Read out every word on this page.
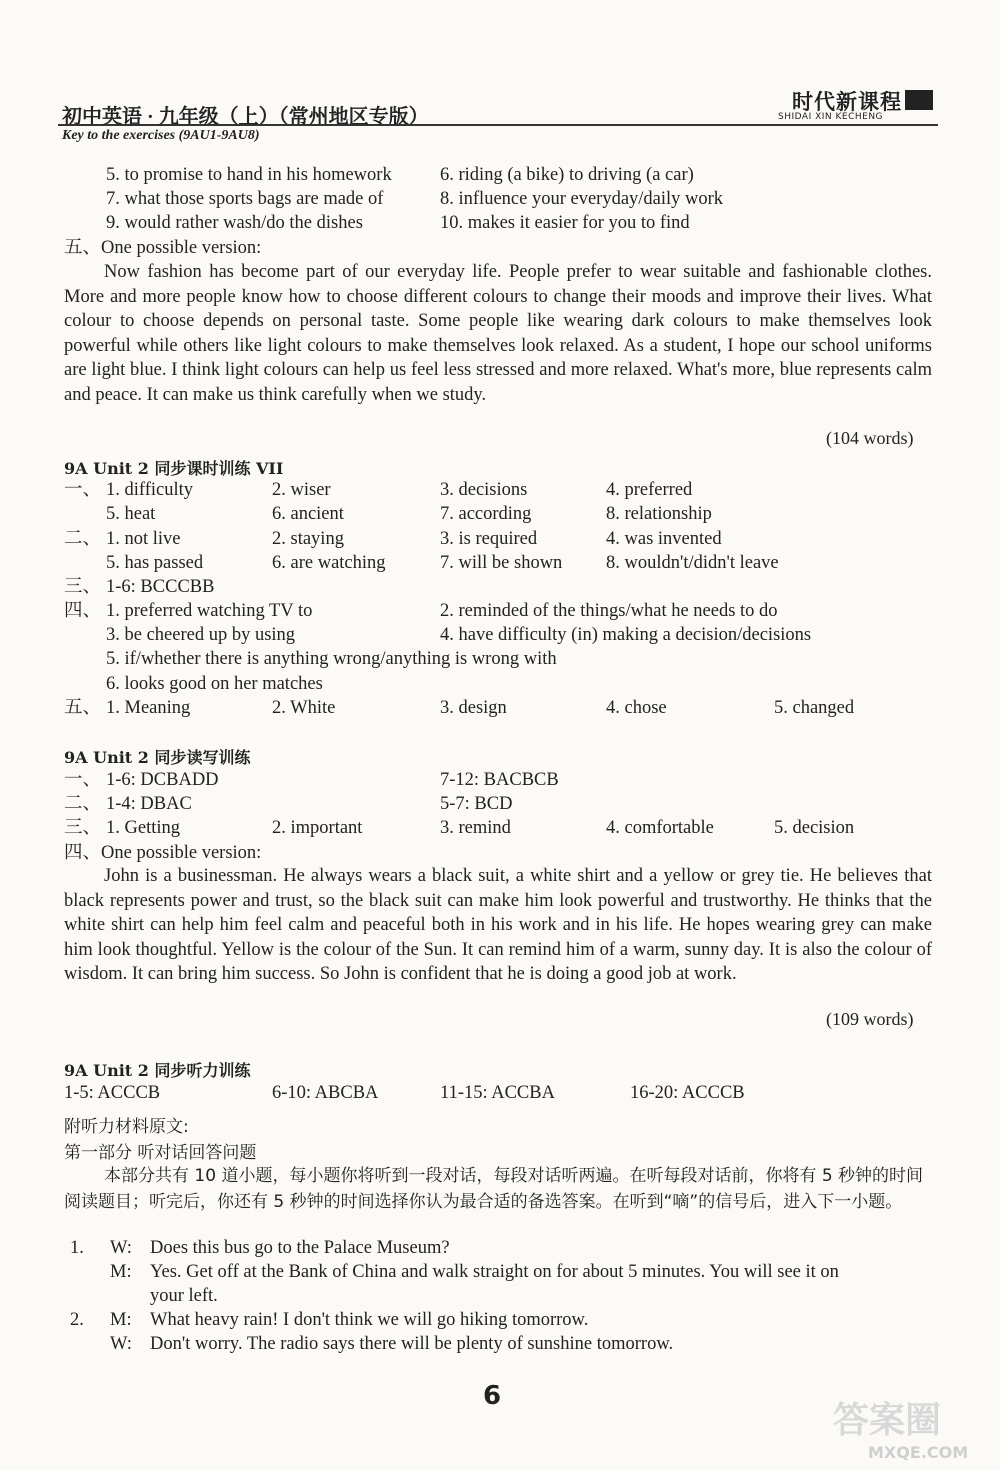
初中英语 · 九年级（上）（常州地区专版）
Key to the exercises (9AU1-9AU8)
时代新课程
SHIDAI XIN KECHENG
5. to promise to hand in his homework	6. riding (a bike) to driving (a car)
7. what those sports bags are made of	8. influence your everyday/daily work
9. would rather wash/do the dishes	10. makes it easier for you to find
五、One possible version:
Now fashion has become part of our everyday life. People prefer to wear suitable and fashionable clothes. More and more people know how to choose different colours to change their moods and improve their lives. What colour to choose depends on personal taste. Some people like wearing dark colours to make themselves look powerful while others like light colours to make themselves look relaxed. As a student, I hope our school uniforms are light blue. I think light colours can help us feel less stressed and more relaxed. What's more, blue represents calm and peace. It can make us think carefully when we study.
(104 words)
9A Unit 2 同步课时训练 VII
一、 1. difficulty	2. wiser	3. decisions	4. preferred
5. heat	6. ancient	7. according	8. relationship
二、 1. not live	2. staying	3. is required	4. was invented
5. has passed	6. are watching	7. will be shown 8. wouldn't/didn't leave
三、 1-6: BCCCBB
四、 1. preferred watching TV to	2. reminded of the things/what he needs to do
3. be cheered up by using	4. have difficulty (in) making a decision/decisions
5. if/whether there is anything wrong/anything is wrong with
6. looks good on her matches
五、 1. Meaning	2. White	3. design	4. chose	5. changed
9A Unit 2 同步读写训练
一、 1-6: DCBADD	7-12: BACBCB
二、 1-4: DBAC	5-7: BCD
三、 1. Getting	2. important	3. remind	4. comfortable	5. decision
四、One possible version:
John is a businessman. He always wears a black suit, a white shirt and a yellow or grey tie. He believes that black represents power and trust, so the black suit can make him look powerful and trustworthy. He thinks that the white shirt can help him feel calm and peaceful both in his work and in his life. He hopes wearing grey can make him look thoughtful. Yellow is the colour of the Sun. It can remind him of a warm, sunny day. It is also the colour of wisdom. It can bring him success. So John is confident that he is doing a good job at work.
(109 words)
9A Unit 2 同步听力训练
1-5: ACCCB	6-10: ABCBA	11-15: ACCBA	16-20: ACCCB
附听力材料原文:
第一部分 听对话回答问题
本部分共有 10 道小题，每小题你将听到一段对话，每段对话听两遍。在听每段对话前，你将有 5 秒钟的时间阅读题目；听完后，你还有 5 秒钟的时间选择你认为最合适的备选答案。在听到“嘀”的信号后，进入下一小题。
1. W: Does this bus go to the Palace Museum?
M: Yes. Get off at the Bank of China and walk straight on for about 5 minutes. You will see it on
your left.
2. M: What heavy rain! I don't think we will go hiking tomorrow.
W: Don't worry. The radio says there will be plenty of sunshine tomorrow.
6
答案圈
MXQE.COM
